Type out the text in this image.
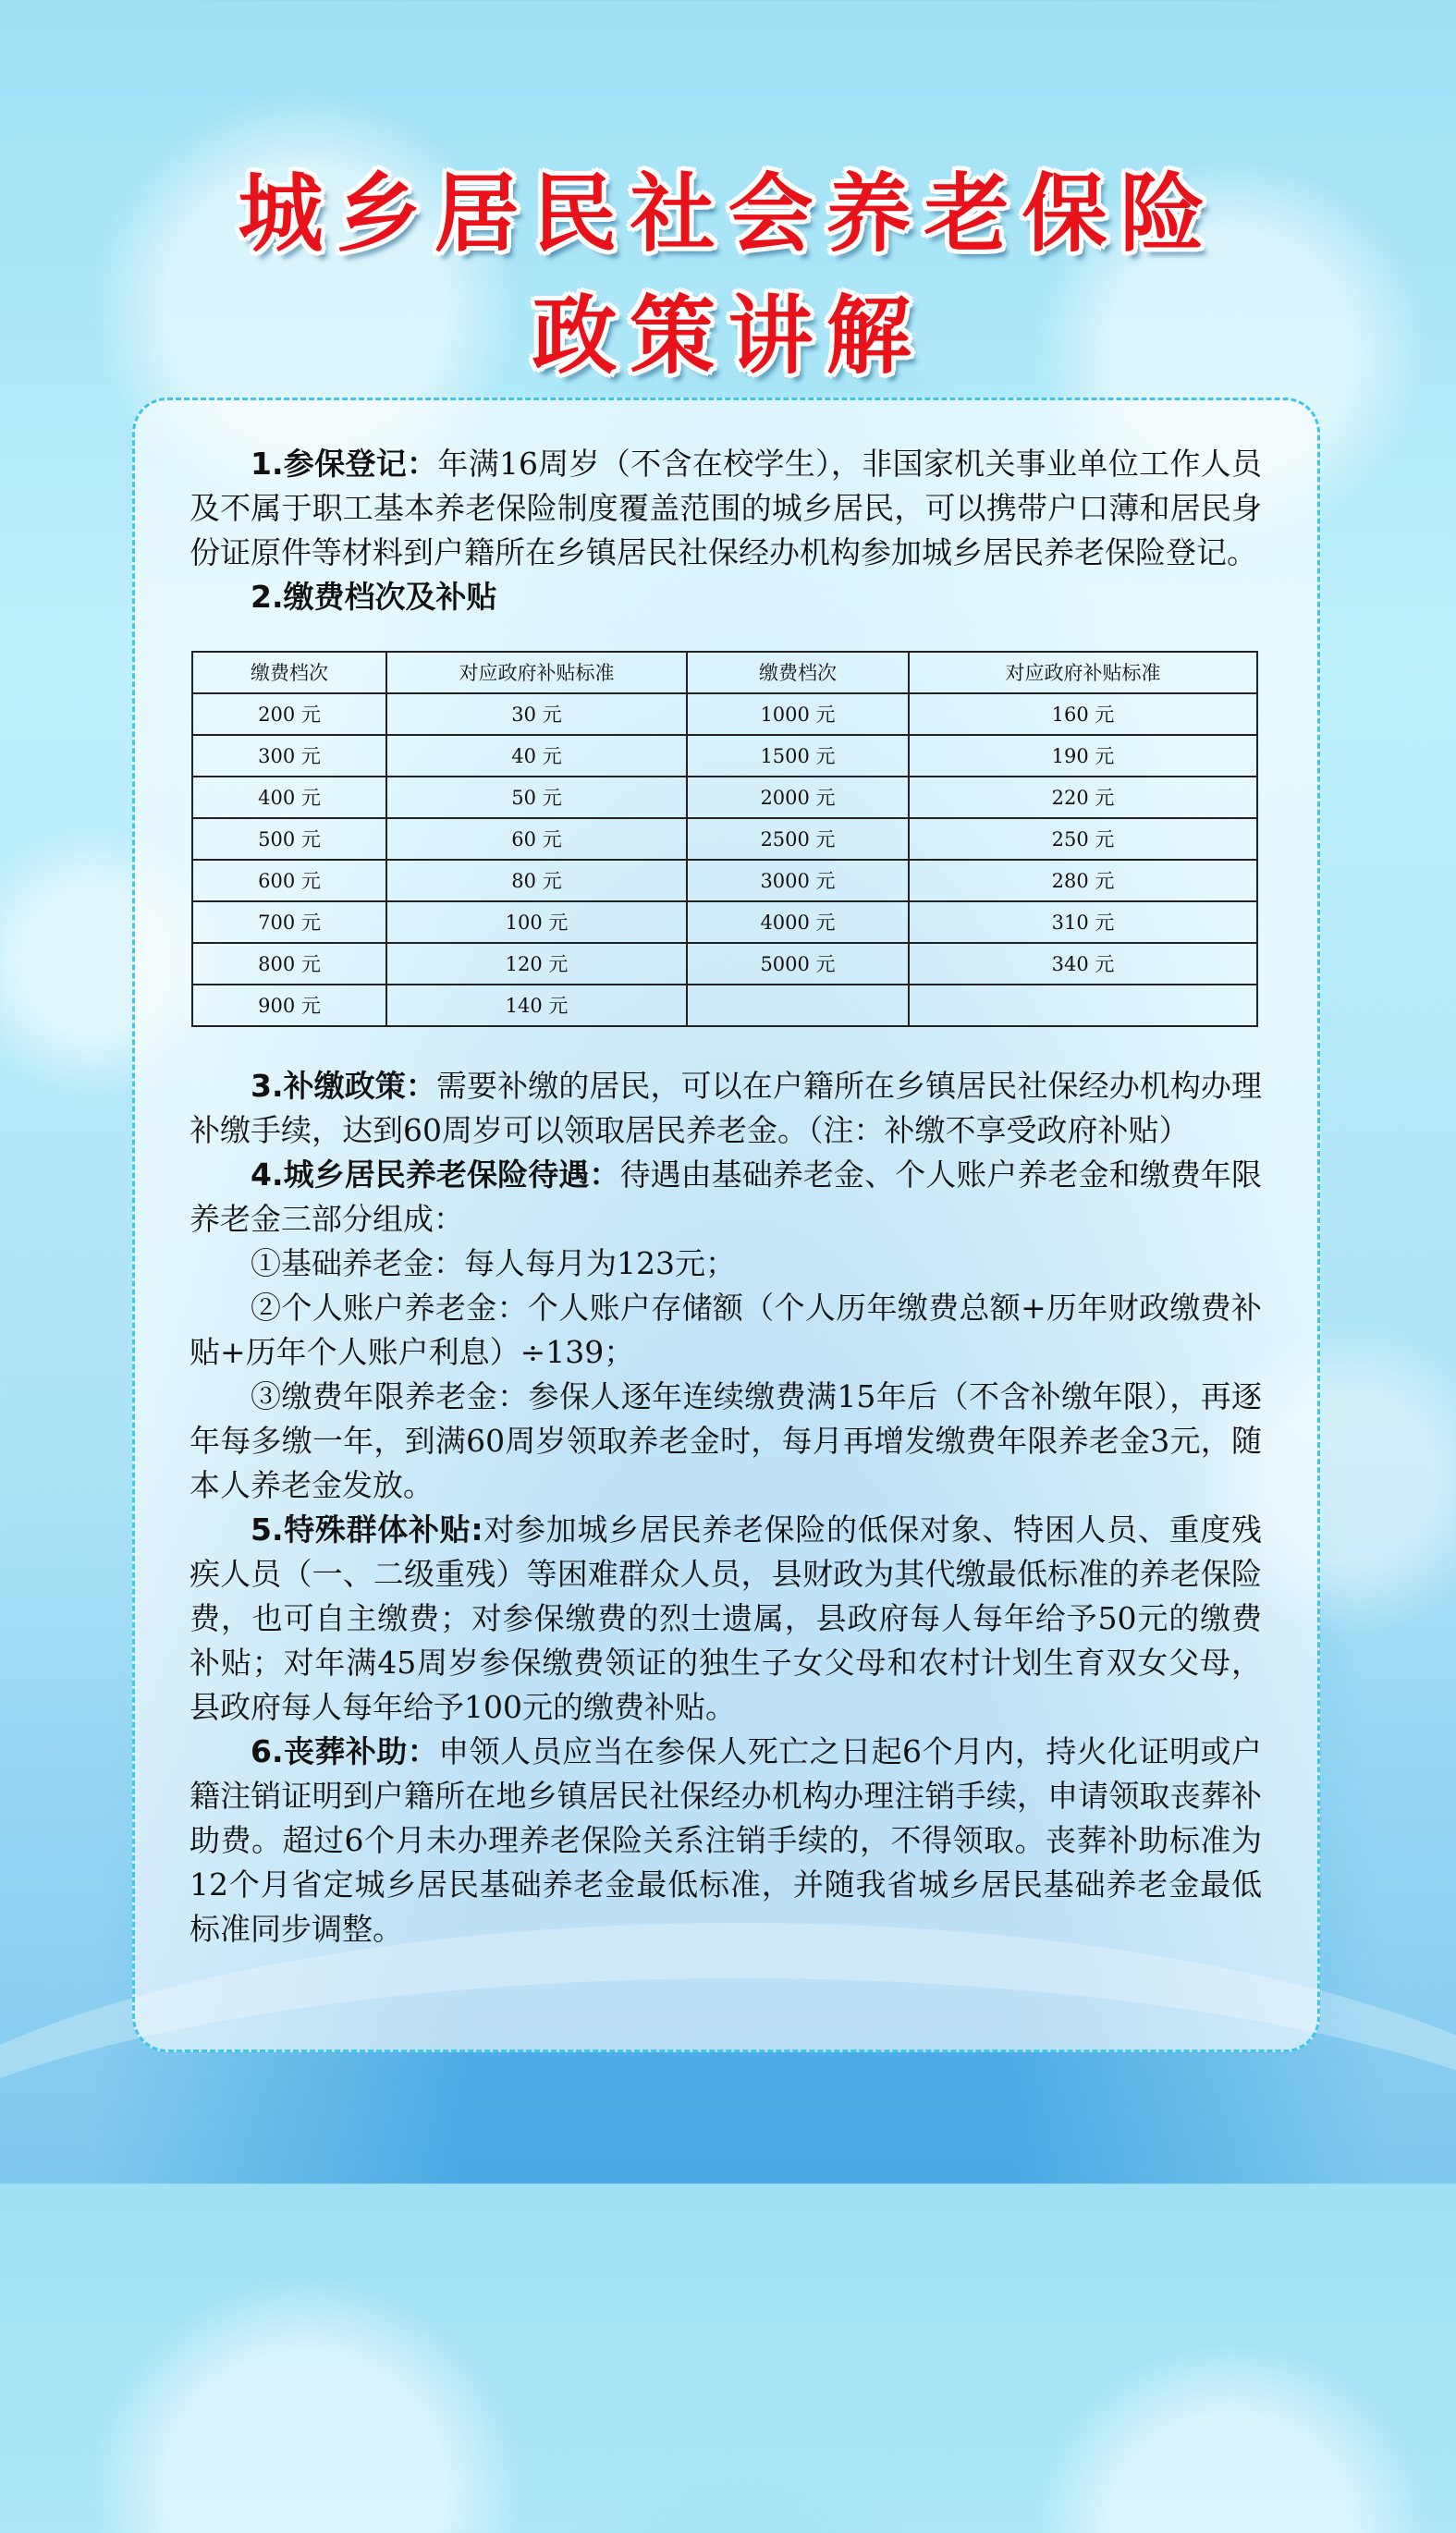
城乡居民社会养老保险
政策讲解

1.参保登记：年满16周岁（不含在校学生），非国家机关事业单位工作人员及不属于职工基本养老保险制度覆盖范围的城乡居民，可以携带户口薄和居民身份证原件等材料到户籍所在乡镇居民社保经办机构参加城乡居民养老保险登记。

2.缴费档次及补贴

缴费档次	对应政府补贴标准	缴费档次	对应政府补贴标准
200 元	30 元	1000 元	160 元
300 元	40 元	1500 元	190 元
400 元	50 元	2000 元	220 元
500 元	60 元	2500 元	250 元
600 元	80 元	3000 元	280 元
700 元	100 元	4000 元	310 元
800 元	120 元	5000 元	340 元
900 元	140 元		

3.补缴政策：需要补缴的居民，可以在户籍所在乡镇居民社保经办机构办理补缴手续，达到60周岁可以领取居民养老金。（注：补缴不享受政府补贴）

4.城乡居民养老保险待遇：待遇由基础养老金、个人账户养老金和缴费年限养老金三部分组成：

①基础养老金：每人每月为123元；

②个人账户养老金：个人账户存储额（个人历年缴费总额+历年财政缴费补贴+历年个人账户利息）÷139；

③缴费年限养老金：参保人逐年连续缴费满15年后（不含补缴年限），再逐年每多缴一年，到满60周岁领取养老金时，每月再增发缴费年限养老金3元，随本人养老金发放。

5.特殊群体补贴:对参加城乡居民养老保险的低保对象、特困人员、重度残疾人员（一、二级重残）等困难群众人员，县财政为其代缴最低标准的养老保险费，也可自主缴费；对参保缴费的烈士遗属，县政府每人每年给予50元的缴费补贴；对年满45周岁参保缴费领证的独生子女父母和农村计划生育双女父母，县政府每人每年给予100元的缴费补贴。

6.丧葬补助：申领人员应当在参保人死亡之日起6个月内，持火化证明或户籍注销证明到户籍所在地乡镇居民社保经办机构办理注销手续，申请领取丧葬补助费。超过6个月未办理养老保险关系注销手续的，不得领取。丧葬补助标准为12个月省定城乡居民基础养老金最低标准，并随我省城乡居民基础养老金最低标准同步调整。
